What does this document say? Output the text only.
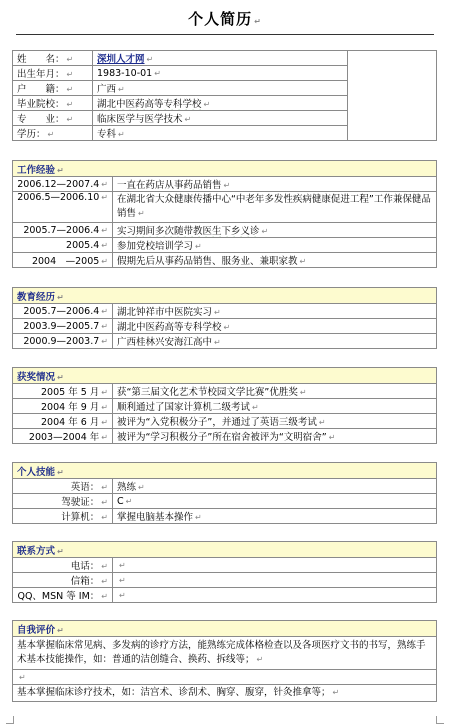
个人简历 ↵
姓　　名： ↵	深圳人才网 ↵	
出生年月： ↵	1983-10-01 ↵	
户　　籍： ↵	广西 ↵	
毕业院校： ↵	湖北中医药高等专科学校 ↵	
专　　业： ↵	临床医学与医学技术 ↵	
学历： ↵	专科 ↵	
工作经验 ↵	
2006.12—2007.4 ↵	一直在药店从事药品销售 ↵
2006.5—2006.10 ↵	在湖北省大众健康传播中心“中老年多发性疾病健康促进工程”工作兼保健品销售 ↵
2005.7—2006.4 ↵	实习期间多次随带教医生下乡义诊 ↵
2005.4 ↵	参加党校培训学习 ↵
2004　—2005 ↵	假期先后从事药品销售、服务业、兼职家教 ↵
教育经历 ↵	
2005.7—2006.4 ↵	湖北钟祥市中医院实习 ↵
2003.9—2005.7 ↵	湖北中医药高等专科学校 ↵
2000.9—2003.7 ↵	广西桂林兴安海江高中 ↵
获奖情况 ↵	
2005 年 5 月 ↵	获“第三届文化艺术节校园文学比赛”优胜奖 ↵
2004 年 9 月 ↵	顺利通过了国家计算机二级考试 ↵
2004 年 6 月 ↵	被评为“入党积极分子”，并通过了英语三级考试 ↵
2003—2004 年 ↵	被评为“学习积极分子”所在宿舍被评为“文明宿舍” ↵
个人技能 ↵	
英语： ↵	熟练 ↵
驾驶证： ↵	C ↵
计算机： ↵	掌握电脑基本操作 ↵
联系方式 ↵	
电话： ↵	↵
信箱： ↵	↵
QQ、MSN 等 IM： ↵	↵
自我评价 ↵
基本掌握临床常见病、多发病的诊疗方法，能熟练完成体格检查以及各项医疗文书的书写，熟练手术基本技能操作，如：普通的洁创缝合、换药、拆线等； ↵
↵
基本掌握临床诊疗技术，如：洁宫术、诊刮术、胸穿、腹穿，针灸推拿等； ↵
